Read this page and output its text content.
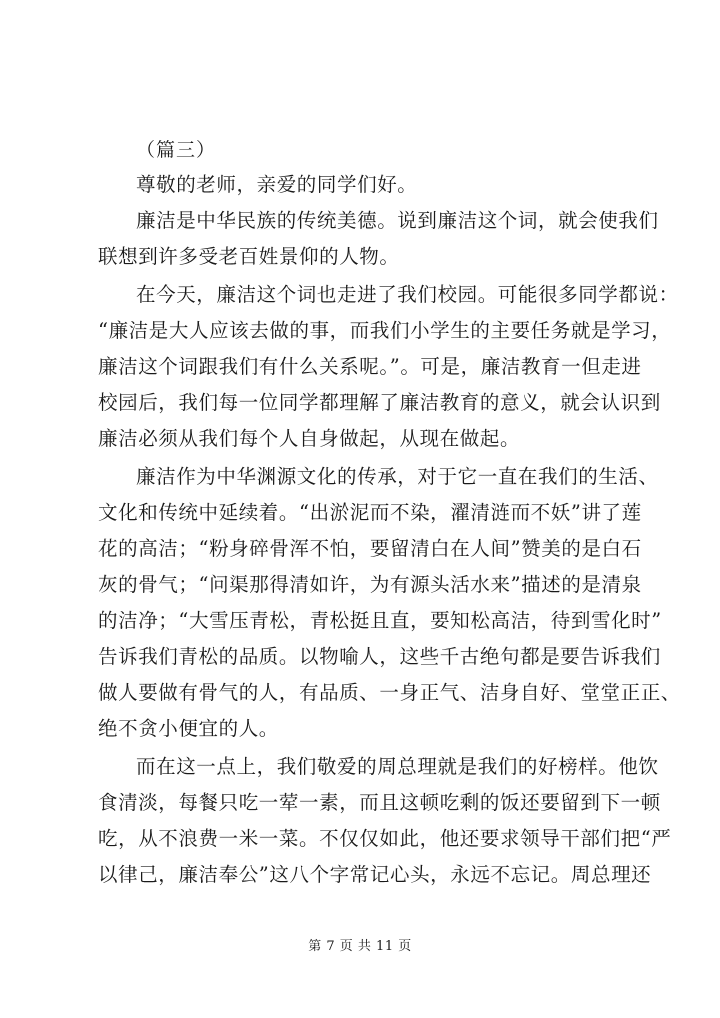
（篇三）
尊敬的老师，亲爱的同学们好。
廉洁是中华民族的传统美德。说到廉洁这个词，就会使我们
联想到许多受老百姓景仰的人物。
在今天，廉洁这个词也走进了我们校园。可能很多同学都说：
“廉洁是大人应该去做的事，而我们小学生的主要任务就是学习，
廉洁这个词跟我们有什么关系呢。”。可是，廉洁教育一但走进
校园后，我们每一位同学都理解了廉洁教育的意义，就会认识到
廉洁必须从我们每个人自身做起，从现在做起。
廉洁作为中华渊源文化的传承，对于它一直在我们的生活、
文化和传统中延续着。“出淤泥而不染，濯清涟而不妖”讲了莲
花的高洁；“粉身碎骨浑不怕，要留清白在人间”赞美的是白石
灰的骨气；“问渠那得清如许，为有源头活水来”描述的是清泉
的洁净；“大雪压青松，青松挺且直，要知松高洁，待到雪化时”
告诉我们青松的品质。以物喻人，这些千古绝句都是要告诉我们
做人要做有骨气的人，有品质、一身正气、洁身自好、堂堂正正、
绝不贪小便宜的人。
而在这一点上，我们敬爱的周总理就是我们的好榜样。他饮
食清淡，每餐只吃一荤一素，而且这顿吃剩的饭还要留到下一顿
吃，从不浪费一米一菜。不仅仅如此，他还要求领导干部们把“严
以律己，廉洁奉公”这八个字常记心头，永远不忘记。周总理还
第 7 页 共 11 页
